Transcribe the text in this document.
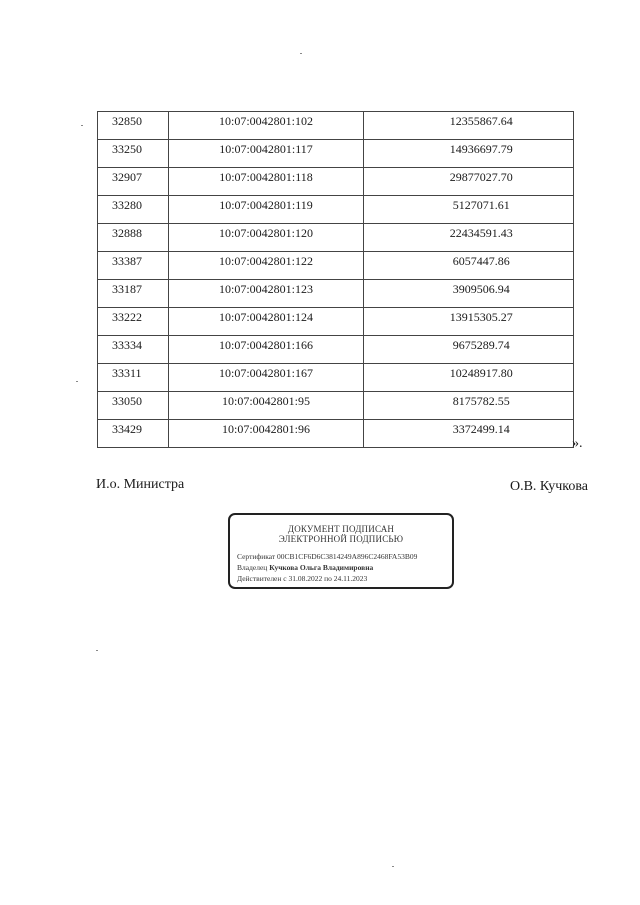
32850	10:07:0042801:102	12355867.64
33250	10:07:0042801:117	14936697.79
32907	10:07:0042801:118	29877027.70
33280	10:07:0042801:119	5127071.61
32888	10:07:0042801:120	22434591.43
33387	10:07:0042801:122	6057447.86
33187	10:07:0042801:123	3909506.94
33222	10:07:0042801:124	13915305.27
33334	10:07:0042801:166	9675289.74
33311	10:07:0042801:167	10248917.80
33050	10:07:0042801:95	8175782.55
33429	10:07:0042801:96	3372499.14
».
И.о. Министра	О.В. Кучкова
ДОКУМЕНТ ПОДПИСАН
ЭЛЕКТРОННОЙ ПОДПИСЬЮ
Сертификат 00CB1CF6D6C3814249A896C2468FA53B09
Владелец Кучкова Ольга Владимировна
Действителен с 31.08.2022 по 24.11.2023
